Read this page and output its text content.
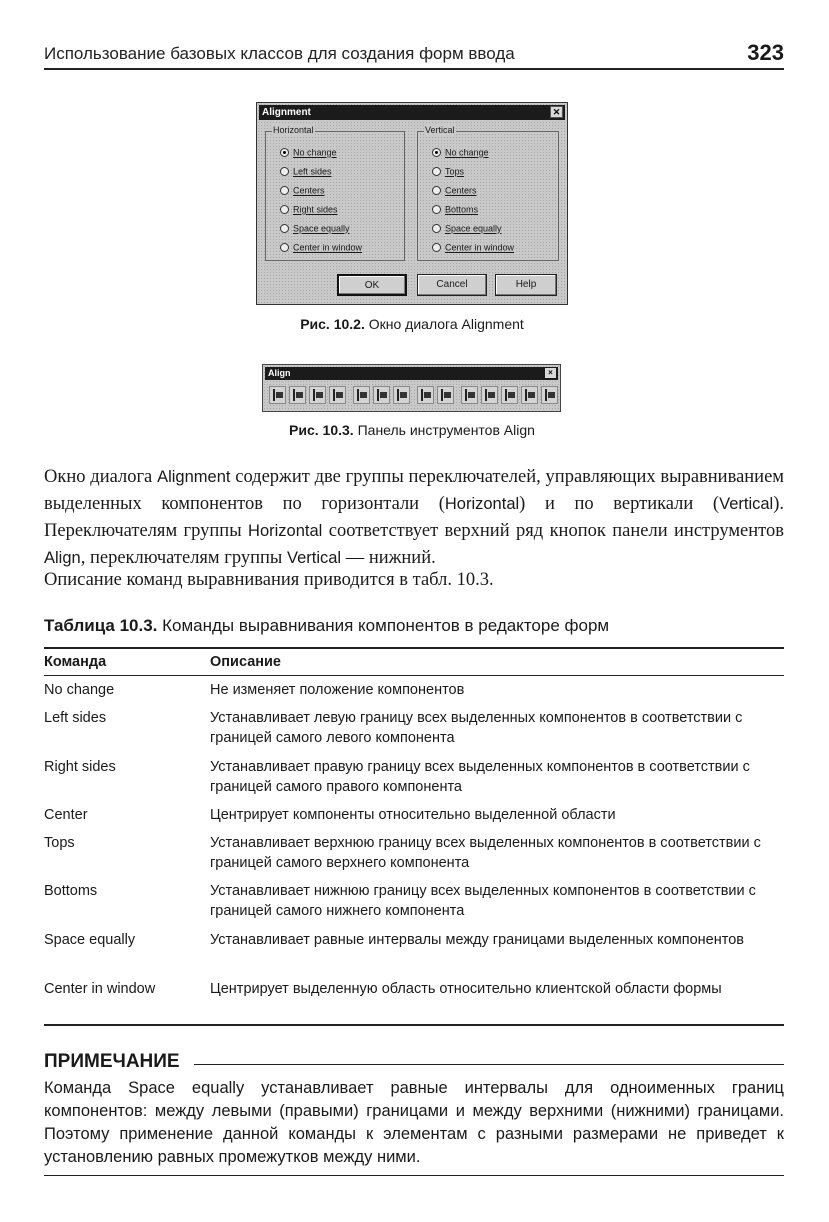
Использование базовых классов для создания форм ввода	323
Alignment	✕
Horizontal
No change
Left sides
Centers
Right sides
Space equally
Center in window
Vertical
No change
Tops
Centers
Bottoms
Space equally
Center in window
OK	Cancel	Help
Рис. 10.2. Окно диалога Alignment
Align	×
Рис. 10.3. Панель инструментов Align
Окно диалога Alignment содержит две группы переключателей, управляющих выравниванием выделенных компонентов по горизонтали (Horizontal) и по вертикали (Vertical). Переключателям группы Horizontal соответствует верхний ряд кнопок панели инструментов Align, переключателям группы Vertical — нижний.
Описание команд выравнивания приводится в табл. 10.3.
Таблица 10.3. Команды выравнивания компонентов в редакторе форм
Команда	Описание
No change	Не изменяет положение компонентов
Left sides	Устанавливает левую границу всех выделенных компонентов в соответствии с границей самого левого компонента
Right sides	Устанавливает правую границу всех выделенных компонентов в соответствии с границей самого правого компонента
Center	Центрирует компоненты относительно выделенной области
Tops	Устанавливает верхнюю границу всех выделенных компонентов в соответствии с границей самого верхнего компонента
Bottoms	Устанавливает нижнюю границу всех выделенных компонентов в соответствии с границей самого нижнего компонента
Space equally	Устанавливает равные интервалы между границами выделенных компонентов
Center in window	Центрирует выделенную область относительно клиентской области формы
ПРИМЕЧАНИЕ
Команда Space equally устанавливает равные интервалы для одноименных границ компонентов: между левыми (правыми) границами и между верхними (нижними) границами. Поэтому применение данной команды к элементам с разными размерами не приведет к установлению равных промежутков между ними.
